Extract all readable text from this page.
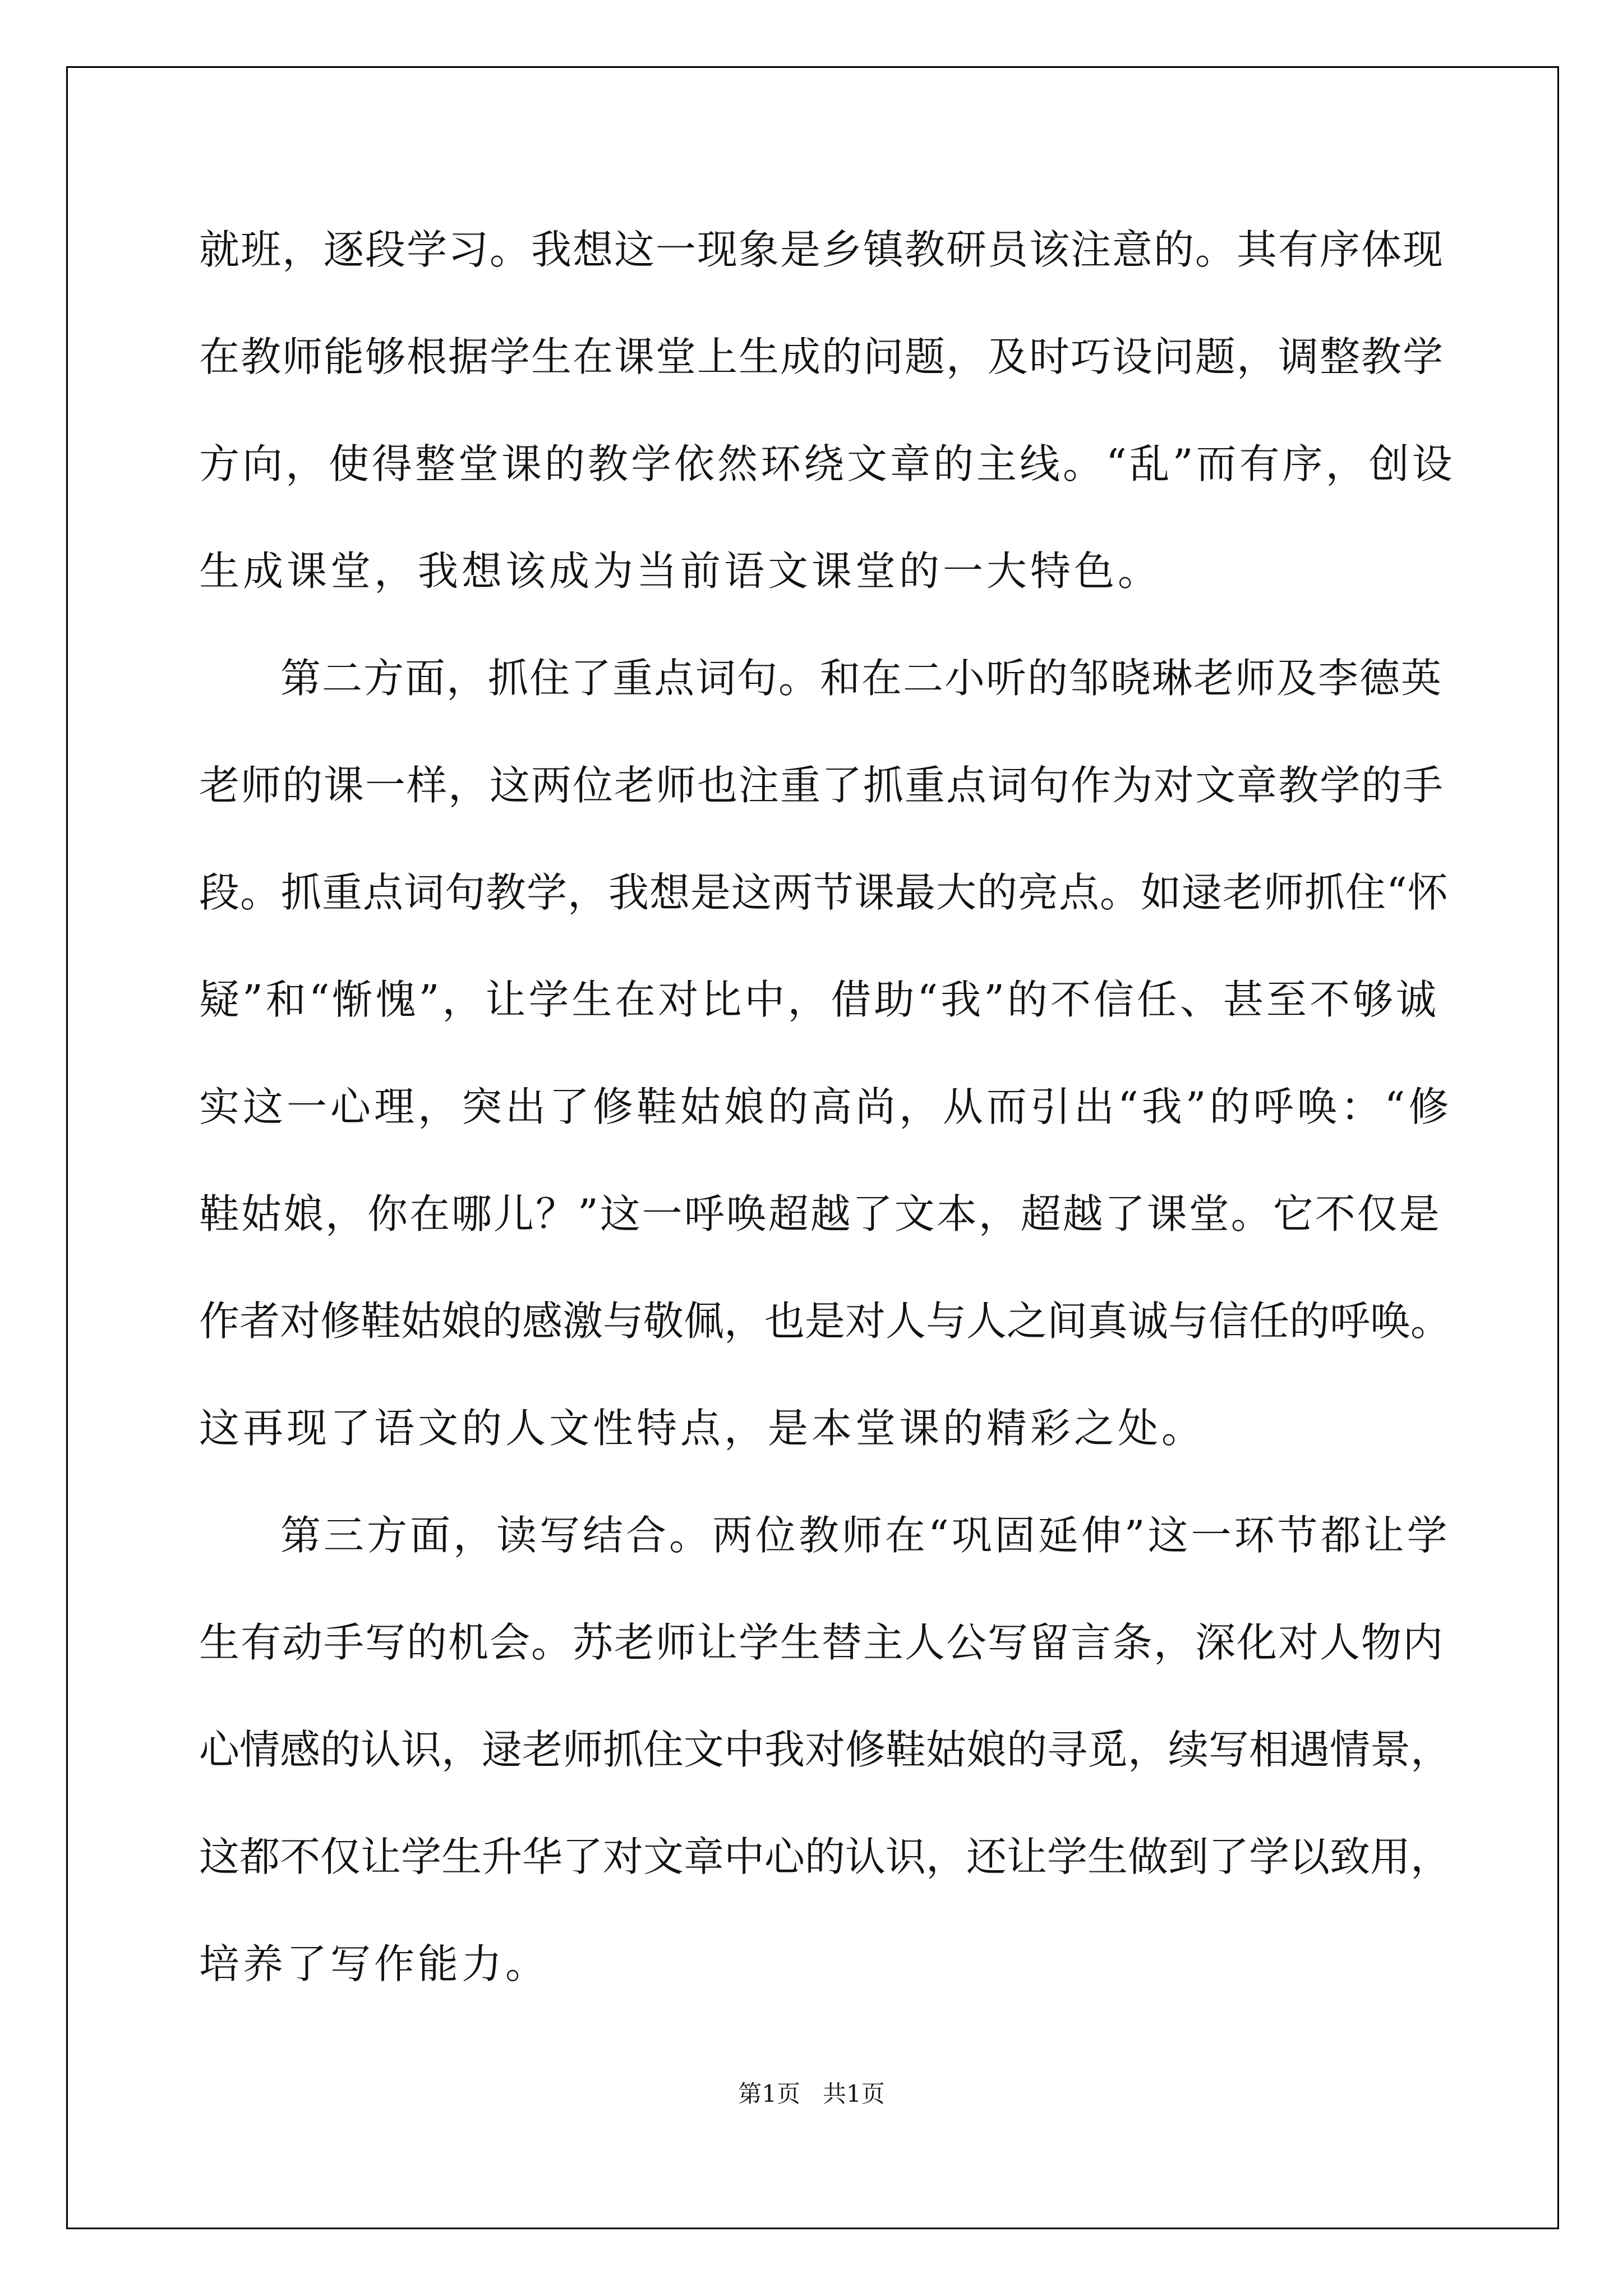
就班，逐段学习。我想这一现象是乡镇教研员该注意的。其有序体现
在教师能够根据学生在课堂上生成的问题，及时巧设问题，调整教学
方向，使得整堂课的教学依然环绕文章的主线。“乱”而有序，创设
生成课堂，我想该成为当前语文课堂的一大特色。
第二方面，抓住了重点词句。和在二小听的邹晓琳老师及李德英
老师的课一样，这两位老师也注重了抓重点词句作为对文章教学的手
段。抓重点词句教学，我想是这两节课最大的亮点。如逯老师抓住“怀
疑”和“惭愧”，让学生在对比中，借助“我”的不信任、甚至不够诚
实这一心理，突出了修鞋姑娘的高尚，从而引出“我”的呼唤：“修
鞋姑娘，你在哪儿？”这一呼唤超越了文本，超越了课堂。它不仅是
作者对修鞋姑娘的感激与敬佩，也是对人与人之间真诚与信任的呼唤。
这再现了语文的人文性特点，是本堂课的精彩之处。
第三方面，读写结合。两位教师在“巩固延伸”这一环节都让学
生有动手写的机会。苏老师让学生替主人公写留言条，深化对人物内
心情感的认识，逯老师抓住文中我对修鞋姑娘的寻觅，续写相遇情景，
这都不仅让学生升华了对文章中心的认识，还让学生做到了学以致用，
培养了写作能力。
第1页   共1页
